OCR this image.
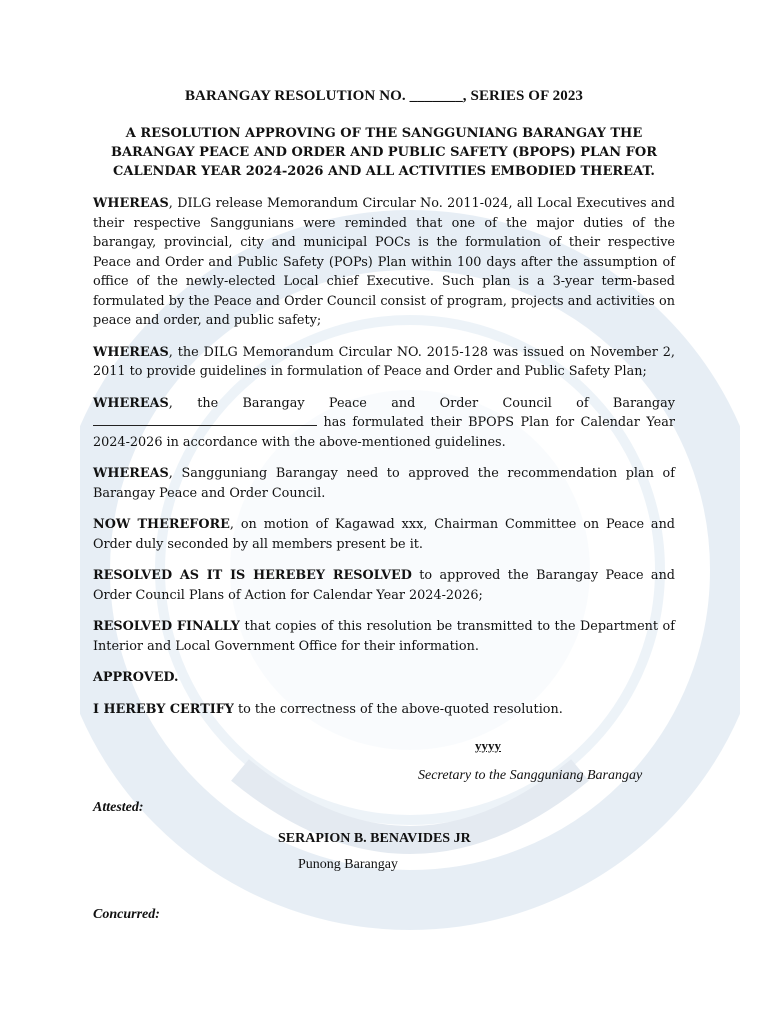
BARANGAY RESOLUTION NO. _______, SERIES OF 2023
A RESOLUTION APPROVING OF THE SANGGUNIANG BARANGAY THE BARANGAY PEACE AND ORDER AND PUBLIC SAFETY (BPOPS) PLAN FOR CALENDAR YEAR 2024-2026 AND ALL ACTIVITIES EMBODIED THEREAT.

WHEREAS, DILG release Memorandum Circular No. 2011-024, all Local Executives and their respective Sanggunians were reminded that one of the major duties of the barangay, provincial, city and municipal POCs is the formulation of their respective Peace and Order and Public Safety (POPs) Plan within 100 days after the assumption of office of the newly-elected Local chief Executive. Such plan is a 3-year term-based formulated by the Peace and Order Council consist of program, projects and activities on peace and order, and public safety;

WHEREAS, the DILG Memorandum Circular NO. 2015-128 was issued on November 2, 2011 to provide guidelines in formulation of Peace and Order and Public Safety Plan;

WHEREAS, the Barangay Peace and Order Council of Barangay  has formulated their BPOPS Plan for Calendar Year 2024-2026 in accordance with the above-mentioned guidelines.

WHEREAS, Sangguniang Barangay need to approved the recommendation plan of Barangay Peace and Order Council.

NOW THEREFORE, on motion of Kagawad xxx, Chairman Committee on Peace and Order duly seconded by all members present be it.

RESOLVED AS IT IS HEREBEY RESOLVED to approved the Barangay Peace and Order Council Plans of Action for Calendar Year 2024-2026;

RESOLVED FINALLY that copies of this resolution be transmitted to the Department of Interior and Local Government Office for their information.

APPROVED.

I HEREBY CERTIFY to the correctness of the above-quoted resolution.

yyyy
Secretary to the Sangguniang Barangay
Attested:
SERAPION B. BENAVIDES JR
Punong Barangay
Concurred:
